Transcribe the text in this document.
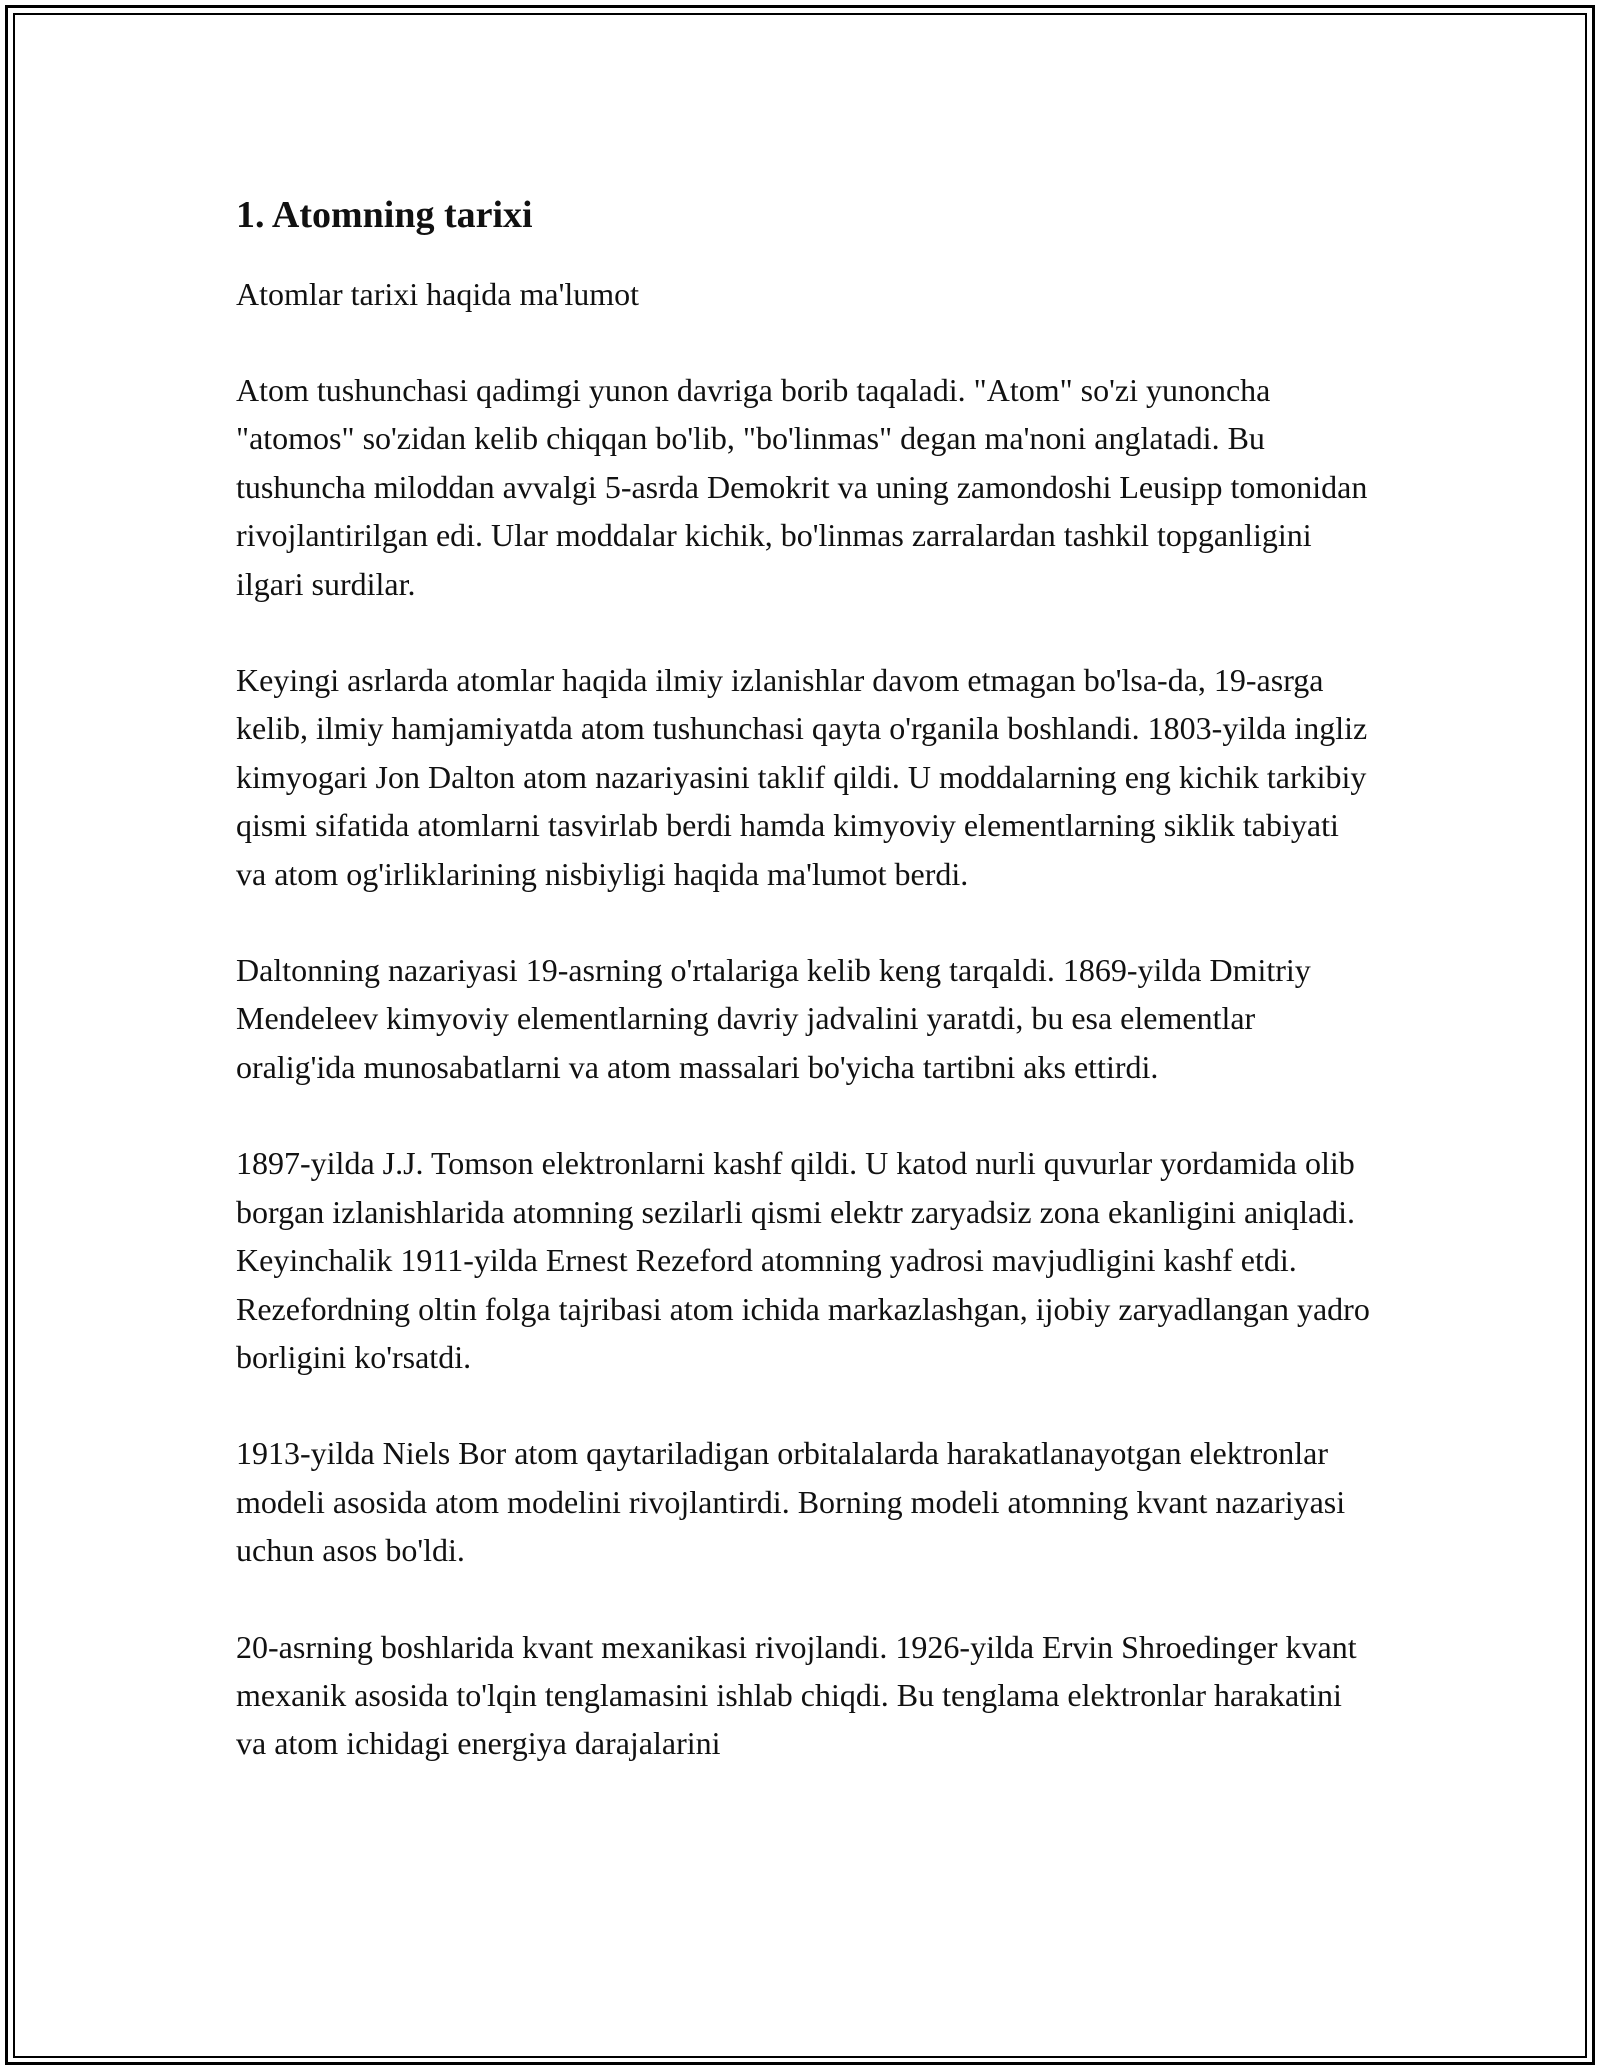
1. Atomning tarixi

Atomlar tarixi haqida ma'lumot

Atom tushunchasi qadimgi yunon davriga borib taqaladi. "Atom" so'zi yunoncha "atomos" so'zidan kelib chiqqan bo'lib, "bo'linmas" degan ma'noni anglatadi. Bu tushuncha miloddan avvalgi 5-asrda Demokrit va uning zamondoshi Leusipp tomonidan rivojlantirilgan edi. Ular moddalar kichik, bo'linmas zarralardan tashkil topganligini ilgari surdilar.

Keyingi asrlarda atomlar haqida ilmiy izlanishlar davom etmagan bo'lsa-da, 19-asrga kelib, ilmiy hamjamiyatda atom tushunchasi qayta o'rganila boshlandi. 1803-yilda ingliz kimyogari Jon Dalton atom nazariyasini taklif qildi. U moddalarning eng kichik tarkibiy qismi sifatida atomlarni tasvirlab berdi hamda kimyoviy elementlarning siklik tabiyati va atom og'irliklarining nisbiyligi haqida ma'lumot berdi.

Daltonning nazariyasi 19-asrning o'rtalariga kelib keng tarqaldi. 1869-yilda Dmitriy Mendeleev kimyoviy elementlarning davriy jadvalini yaratdi, bu esa elementlar oralig'ida munosabatlarni va atom massalari bo'yicha tartibni aks ettirdi.

1897-yilda J.J. Tomson elektronlarni kashf qildi. U katod nurli quvurlar yordamida olib borgan izlanishlarida atomning sezilarli qismi elektr zaryadsiz zona ekanligini aniqladi. Keyinchalik 1911-yilda Ernest Rezeford atomning yadrosi mavjudligini kashf etdi. Rezefordning oltin folga tajribasi atom ichida markazlashgan, ijobiy zaryadlangan yadro borligini ko'rsatdi.

1913-yilda Niels Bor atom qaytariladigan orbitalalarda harakatlanayotgan elektronlar modeli asosida atom modelini rivojlantirdi. Borning modeli atomning kvant nazariyasi uchun asos bo'ldi.

20-asrning boshlarida kvant mexanikasi rivojlandi. 1926-yilda Ervin Shroedinger kvant mexanik asosida to'lqin tenglamasini ishlab chiqdi. Bu tenglama elektronlar harakatini va atom ichidagi energiya darajalarini
